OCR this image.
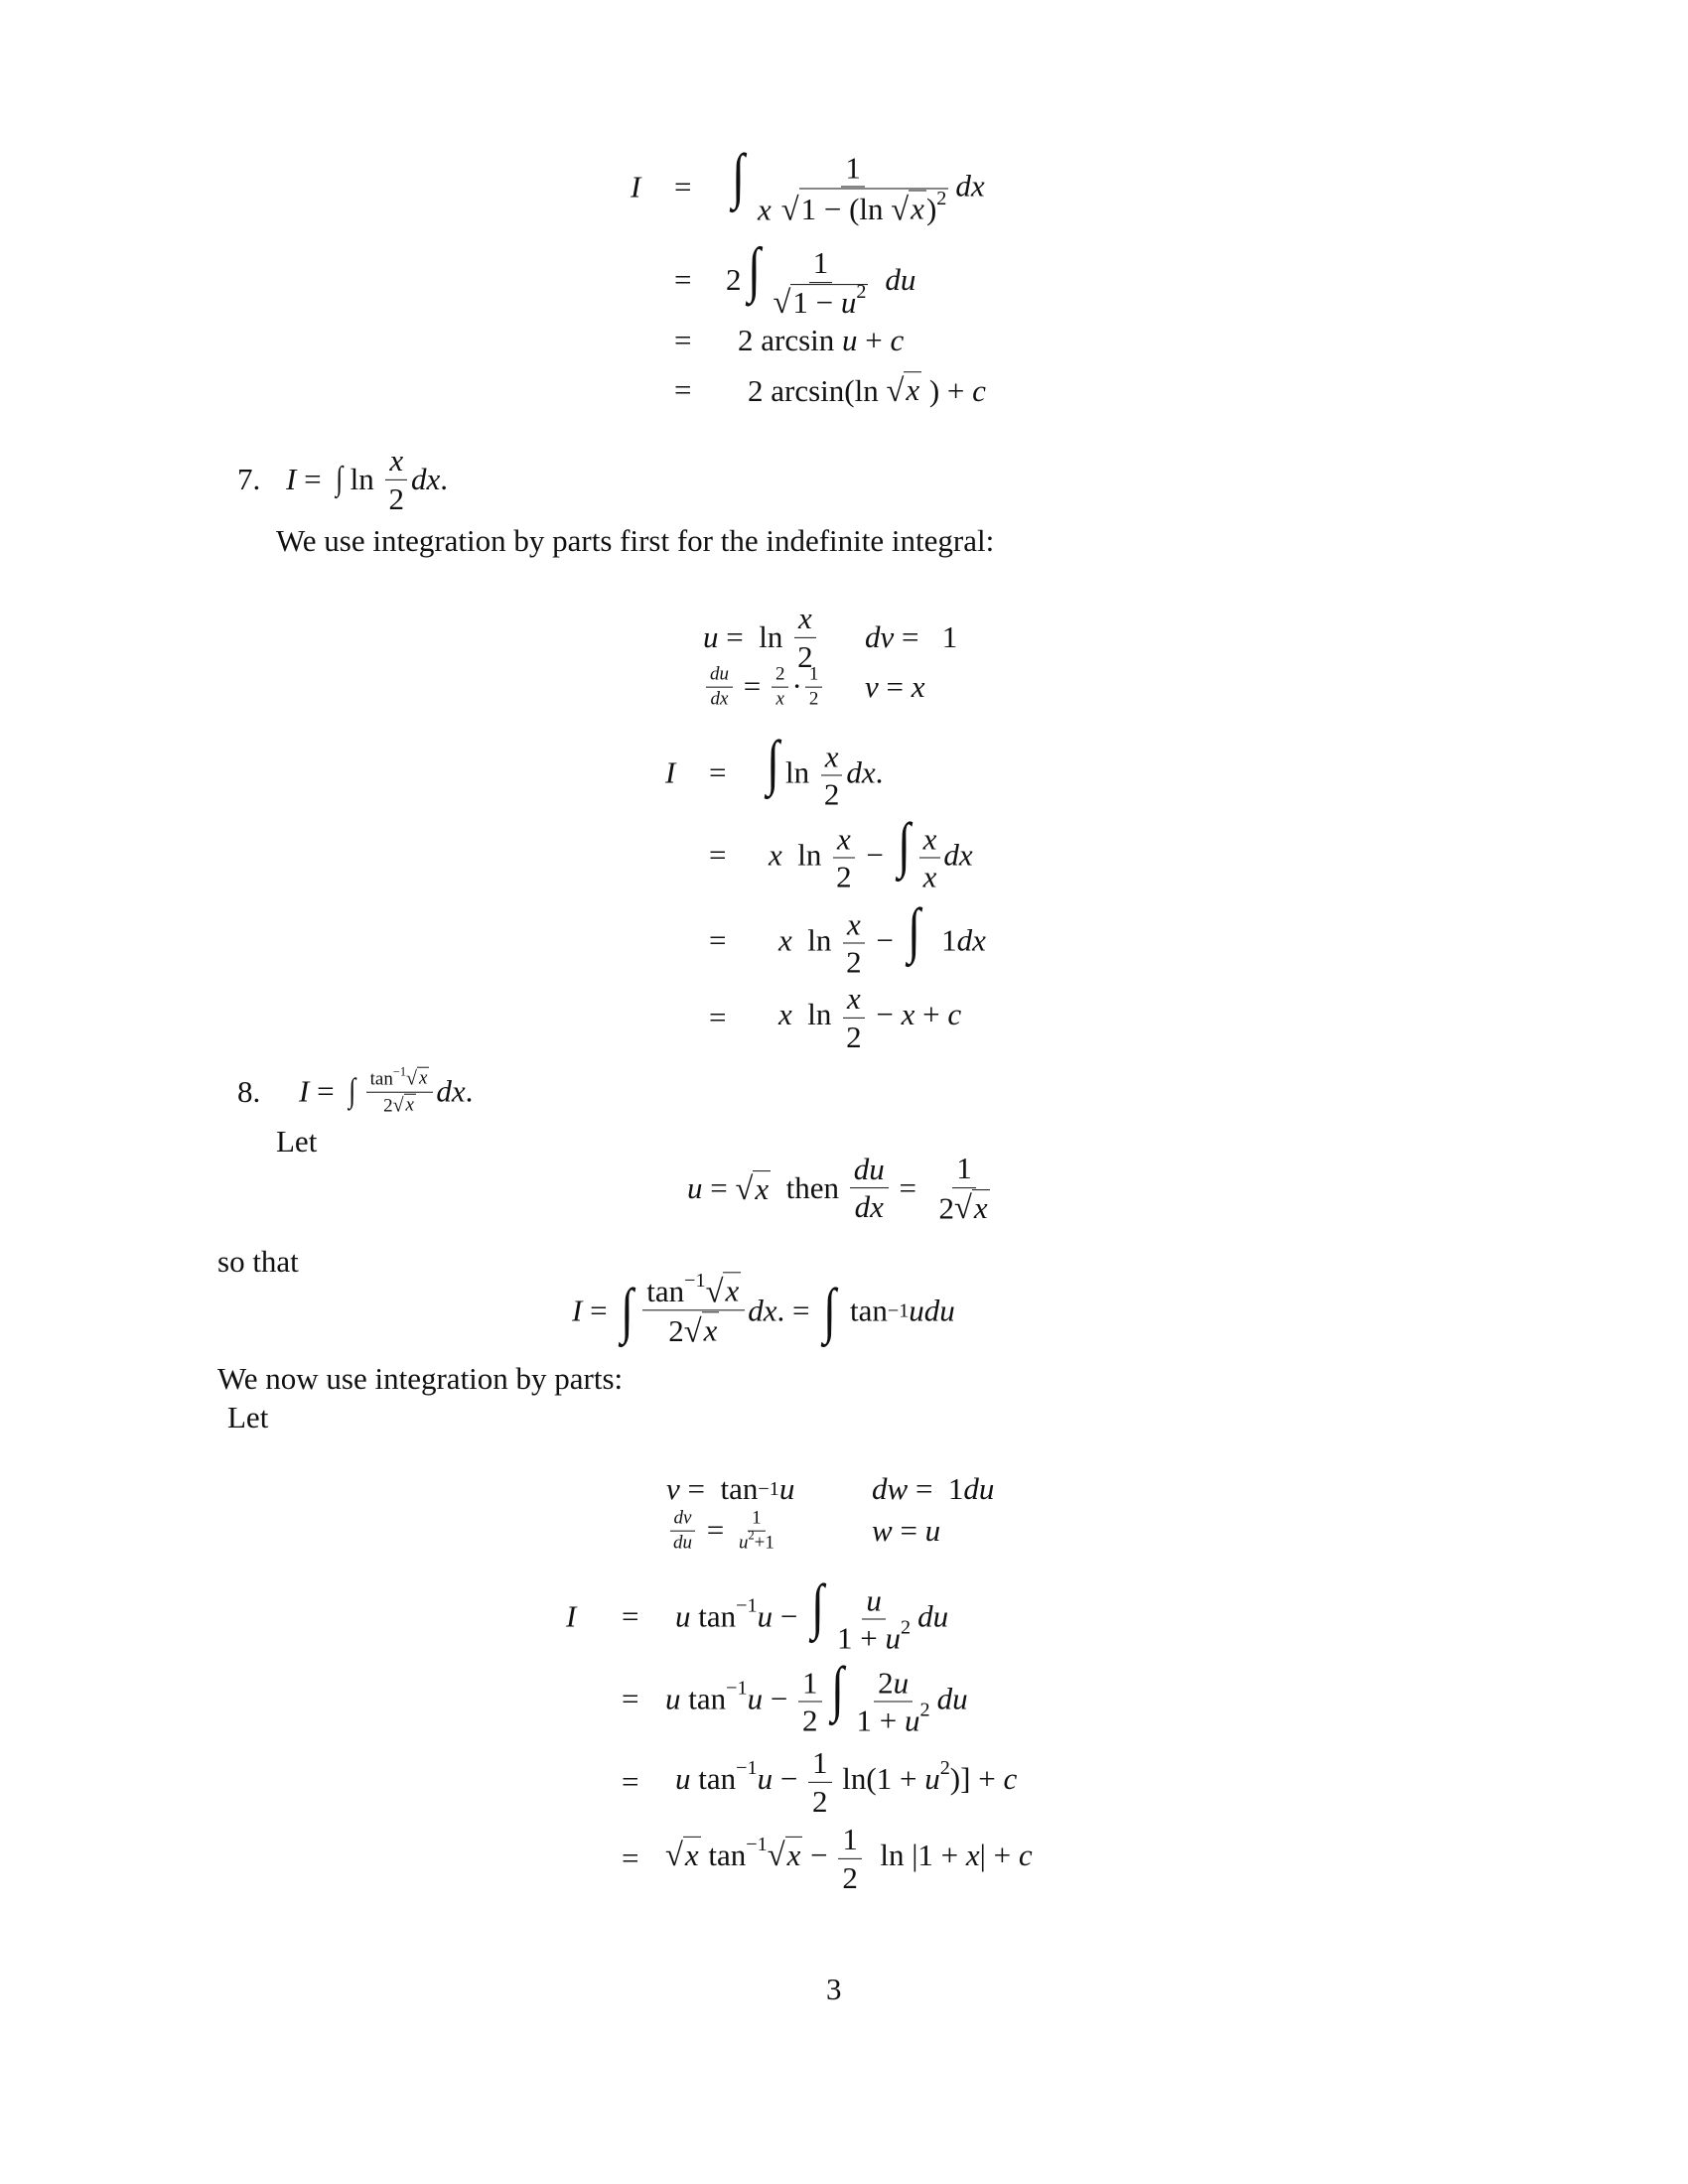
I	= ∫ $\frac{1}{x √ 1 - (\ln √ x )^2}$ dx
=	$2\int \frac{1}{√ 1 - u^2}$ du
=	2 arcsin u + c
=	2 arcsin(ln √ x ) + c
7. I = ∫ $\ln \frac{x}{2}$ dx .
We use integration by parts first for the indefinite integral:
$u = \ln \frac{x}{2}$ dv =   1
$\frac{du}{dx} = \frac{2}{x} \cdot \frac{1}{2}$ v = x
I	= ∫ $\ln \frac{x}{2}$ dx.
=	x  $\ln \frac{x}{2}$ − ∫ $\frac{x}{x}$ dx
=	x  $\ln \frac{x}{2}$ − ∫  1dx
=	x  $\ln \frac{x}{2} - x + c$
8. I = ∫ $\frac{\tan^{-1} √ x}{2 √ x}$ dx .
Let
u = √ x then $\frac{du}{dx} = \frac{1}{2 √ x}$
so that
I = ∫ $\frac{\tan^{-1} √ x}{2 √ x}$ dx . = ∫ tan −1 udu
We now use integration by parts:
Let
v =  tan −1 u	dw =  1 du
$\frac{dv}{du} = \frac{1}{u^2+1}$	w = u
I	=	u $\tan^{-1}u$ − ∫ $\frac{u}{1 + u^2}$ du
= u $\tan^{-1}u - \frac{1}{2}$ ∫ $\frac{2u}{1 + u^2}$ du
=	u $\tan^{-1}u - \frac{1}{2} \ln(1 + u^2)] + c$
= √ x $\tan^{-1}$ √ $x - \frac{1}{2}$ ln |1 + x| + c
3
